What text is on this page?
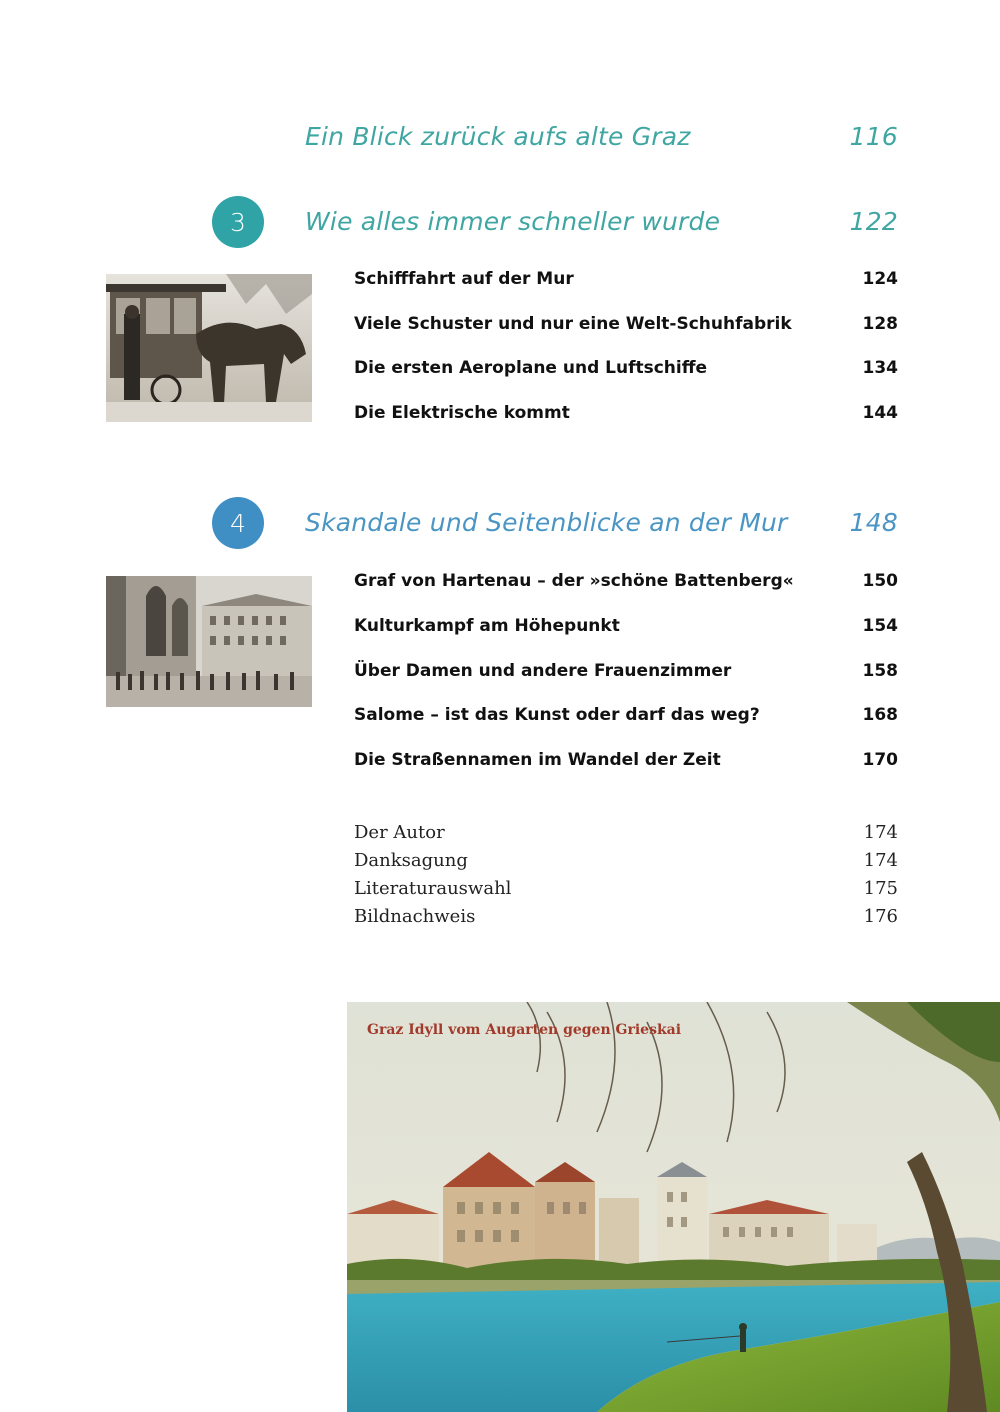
Ein Blick zurück aufs alte Graz	116
3	Wie alles immer schneller wurde	122
Schifffahrt auf der Mur	124
Viele Schuster und nur eine Welt-Schuhfabrik	128
Die ersten Aeroplane und Luftschiffe	134
Die Elektrische kommt	144
4	Skandale und Seitenblicke an der Mur	148
Graf von Hartenau – der »schöne Battenberg«	150
Kulturkampf am Höhepunkt	154
Über Damen und andere Frauenzimmer	158
Salome – ist das Kunst oder darf das weg?	168
Die Straßennamen im Wandel der Zeit	170
Der Autor	174
Danksagung	174
Literaturauswahl	175
Bildnachweis	176
Graz Idyll vom Augarten gegen Grieskai
